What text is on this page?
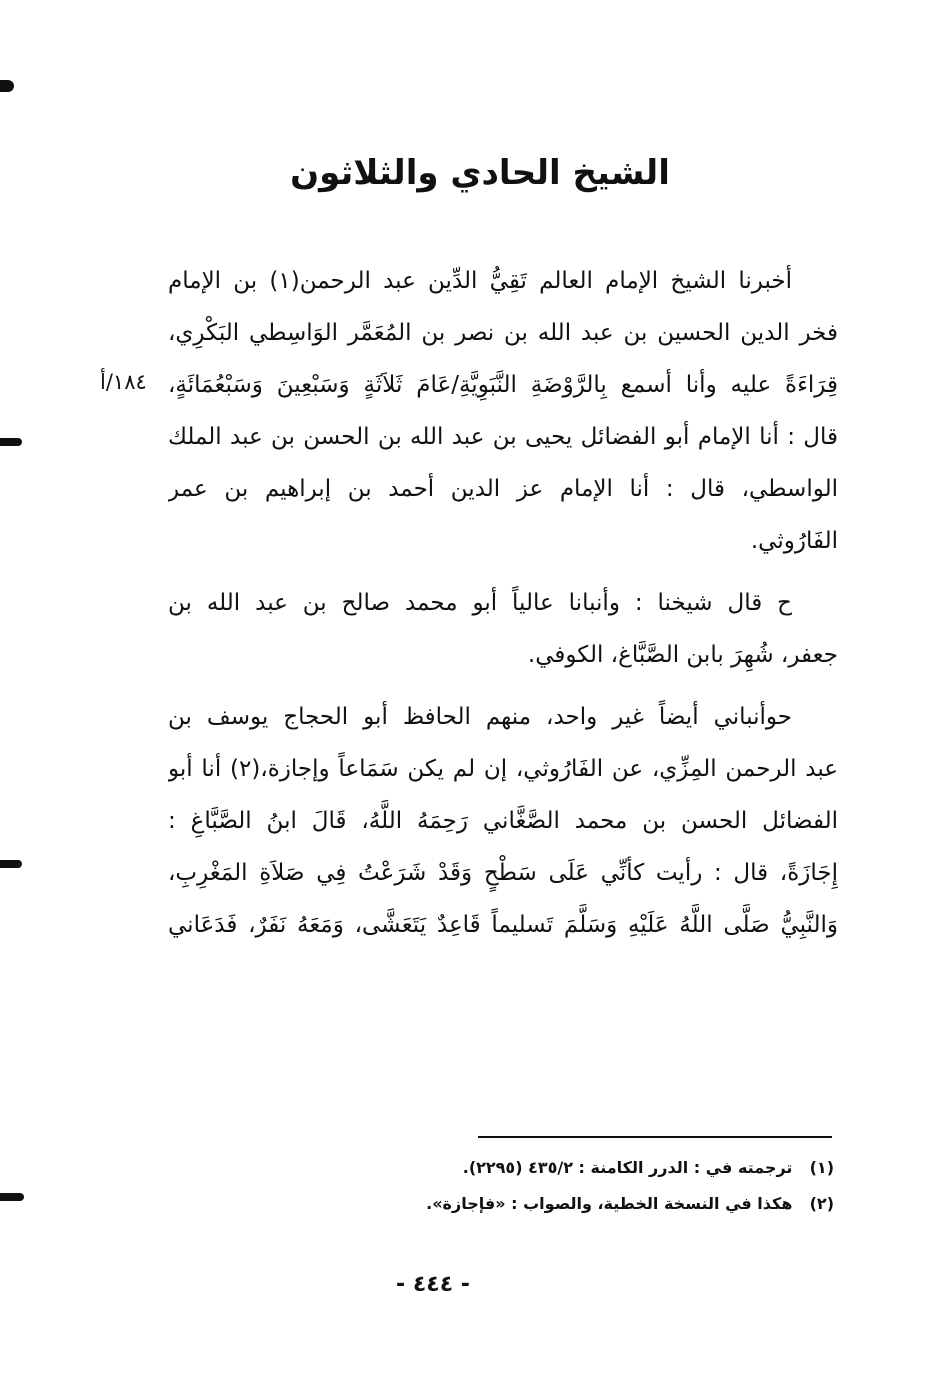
الشيخ الحادي والثلاثون
١٨٤/أ
أخبرنا الشيخ الإمام العالم تَقِيُّ الدِّين عبد الرحمن(١) بن الإمام
فخر الدين الحسين بن عبد الله بن نصر بن المُعَمَّر الوَاسِطي البَكْرِي،
قِرَاءَةً عليه وأنا أسمع بِالرَّوْضَةِ النَّبَوِيَّةِ/عَامَ ثَلاَثَةٍ وَسَبْعِينَ وَسَبْعُمَائَةٍ،
قال : أنا الإمام أبو الفضائل يحيى بن عبد الله بن الحسن بن عبد الملك
الواسطي، قال : أنا الإمام عز الدين أحمد بن إبراهيم بن عمر
الفَارُوثي.
ح قال شيخنا : وأنبانا عالياً أبو محمد صالح بن عبد الله بن
جعفر، شُهِرَ بابن الصَّبَّاغ، الكوفي.
حوأنباني أيضاً غير واحد، منهم الحافظ أبو الحجاج يوسف بن
عبد الرحمن المِزِّي، عن الفَارُوثي، إن لم يكن سَمَاعاً وإجازة،(٢) أنا أبو
الفضائل الحسن بن محمد الصَّغَّاني رَحِمَهُ اللَّهُ، قَالَ ابنُ الصَّبَّاغِ :
إِجَازَةً، قال : رأيت كأنِّي عَلَى سَطْحٍ وَقَدْ شَرَعْتُ فِي صَلاَةِ المَغْرِبِ،
وَالنَّبِيُّ صَلَّى اللَّهُ عَلَيْهِ وَسَلَّمَ تَسليماً قَاعِدٌ يَتَعَشَّى، وَمَعَهُ نَفَرٌ، فَدَعَاني
(١) ترجمته في : الدرر الكامنة : ٤٣٥/٢ (٢٢٩٥).
(٢) هكذا في النسخة الخطية، والصواب : «فإجازة».
- ٤٤٤ -
